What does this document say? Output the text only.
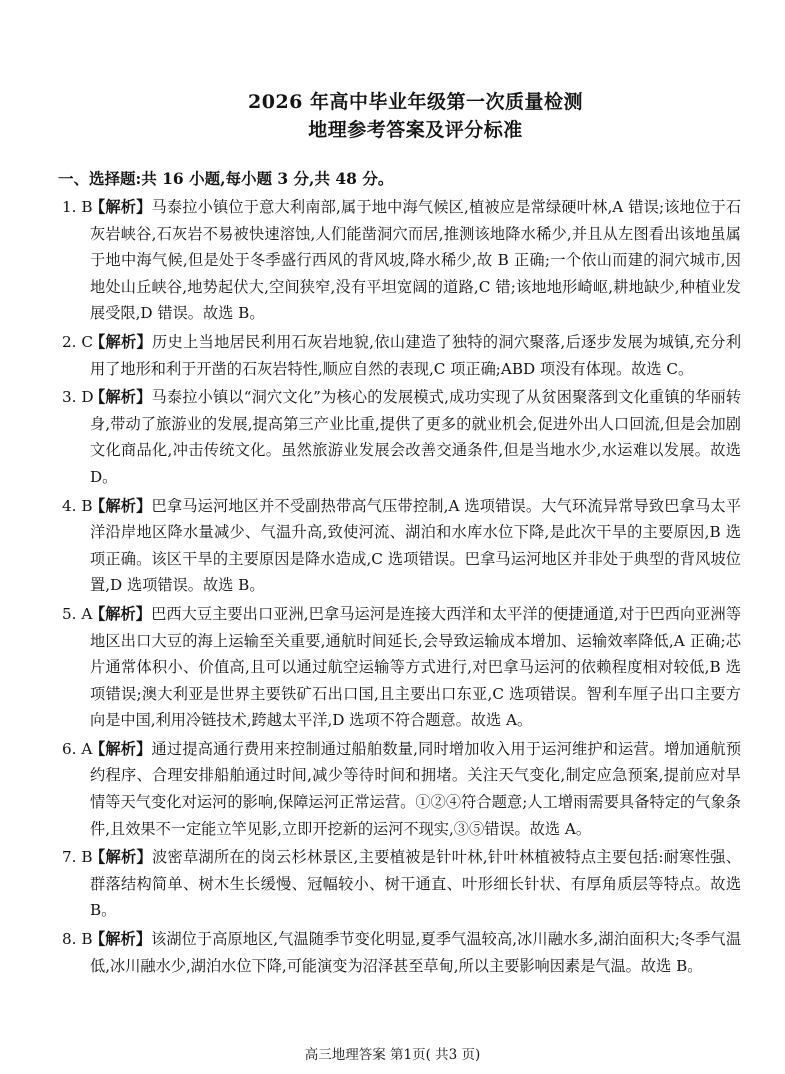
2026 年高中毕业年级第一次质量检测
地理参考答案及评分标准
一、选择题:共 16 小题,每小题 3 分,共 48 分。

1. B
【解析】马泰拉小镇位于意大利南部,属于地中海气候区,植被应是常绿硬叶林,A 错误;该地位于石灰岩峡谷,石灰岩不易被快速溶蚀,人们能凿洞穴而居,推测该地降水稀少,并且从左图看出该地虽属于地中海气候,但是处于冬季盛行西风的背风坡,降水稀少,故 B 正确;一个依山而建的洞穴城市,因地处山丘峡谷,地势起伏大,空间狭窄,没有平坦宽阔的道路,C 错;该地地形崎岖,耕地缺少,种植业发展受限,D 错误。故选 B。

2. C
【解析】历史上当地居民利用石灰岩地貌,依山建造了独特的洞穴聚落,后逐步发展为城镇,充分利用了地形和利于开凿的石灰岩特性,顺应自然的表现,C 项正确;ABD 项没有体现。故选 C。

3. D
【解析】马泰拉小镇以“洞穴文化”为核心的发展模式,成功实现了从贫困聚落到文化重镇的华丽转身,带动了旅游业的发展,提高第三产业比重,提供了更多的就业机会,促进外出人口回流,但是会加剧文化商品化,冲击传统文化。虽然旅游业发展会改善交通条件,但是当地水少,水运难以发展。故选 D。

4. B
【解析】巴拿马运河地区并不受副热带高气压带控制,A 选项错误。大气环流异常导致巴拿马太平洋沿岸地区降水量减少、气温升高,致使河流、湖泊和水库水位下降,是此次干旱的主要原因,B 选项正确。该区干旱的主要原因是降水造成,C 选项错误。巴拿马运河地区并非处于典型的背风坡位置,D 选项错误。故选 B。

5. A
【解析】巴西大豆主要出口亚洲,巴拿马运河是连接大西洋和太平洋的便捷通道,对于巴西向亚洲等地区出口大豆的海上运输至关重要,通航时间延长,会导致运输成本增加、运输效率降低,A 正确;芯片通常体积小、价值高,且可以通过航空运输等方式进行,对巴拿马运河的依赖程度相对较低,B 选项错误;澳大利亚是世界主要铁矿石出口国,且主要出口东亚,C 选项错误。智利车厘子出口主要方向是中国,利用冷链技术,跨越太平洋,D 选项不符合题意。故选 A。

6. A
【解析】通过提高通行费用来控制通过船舶数量,同时增加收入用于运河维护和运营。增加通航预约程序、合理安排船舶通过时间,减少等待时间和拥堵。关注天气变化,制定应急预案,提前应对旱情等天气变化对运河的影响,保障运河正常运营。①②④符合题意;人工增雨需要具备特定的气象条件,且效果不一定能立竿见影,立即开挖新的运河不现实,③⑤错误。故选 A。

7. B
【解析】波密草湖所在的岗云杉林景区,主要植被是针叶林,针叶林植被特点主要包括:耐寒性强、群落结构简单、树木生长缓慢、冠幅较小、树干通直、叶形细长针状、有厚角质层等特点。故选 B。

8. B
【解析】该湖位于高原地区,气温随季节变化明显,夏季气温较高,冰川融水多,湖泊面积大;冬季气温低,冰川融水少,湖泊水位下降,可能演变为沼泽甚至草甸,所以主要影响因素是气温。故选 B。

高三地理答案 第1页( 共3 页)
